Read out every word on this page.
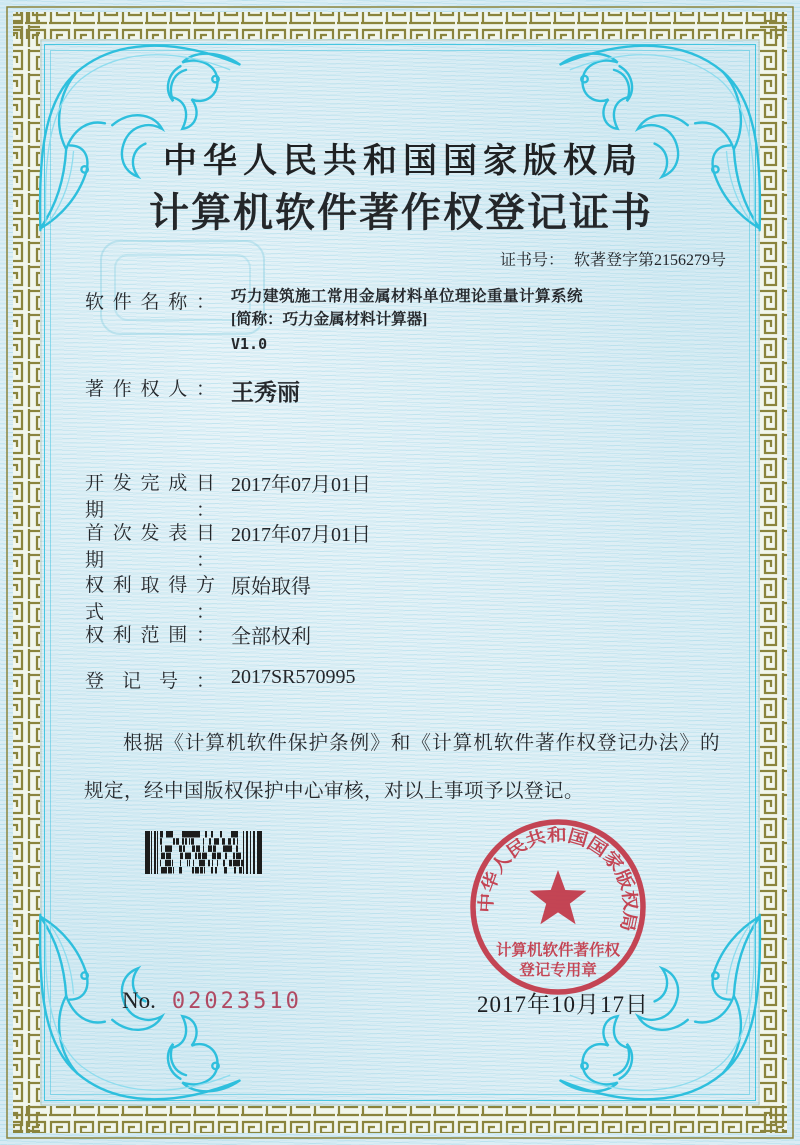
中华人民共和国国家版权局
计算机软件著作权登记证书
证书号： 软著登字第2156279号
软件名称： 巧力建筑施工常用金属材料单位理论重量计算系统
[简称：巧力金属材料计算器]
V1.0
著作权人： 王秀丽
开发完成日期：
2017年07月01日
首次发表日期：
2017年07月01日
权利取得方式：
原始取得
权利范围： 全部权利
登记号： 2017SR570995
根据《计算机软件保护条例》和《计算机软件著作权登记办法》的规定，经中国版权保护中心审核，对以上事项予以登记。
中华人民共和国国家版权局
计算机软件著作权
登记专用章
2017年10月17日
No. 02023510
